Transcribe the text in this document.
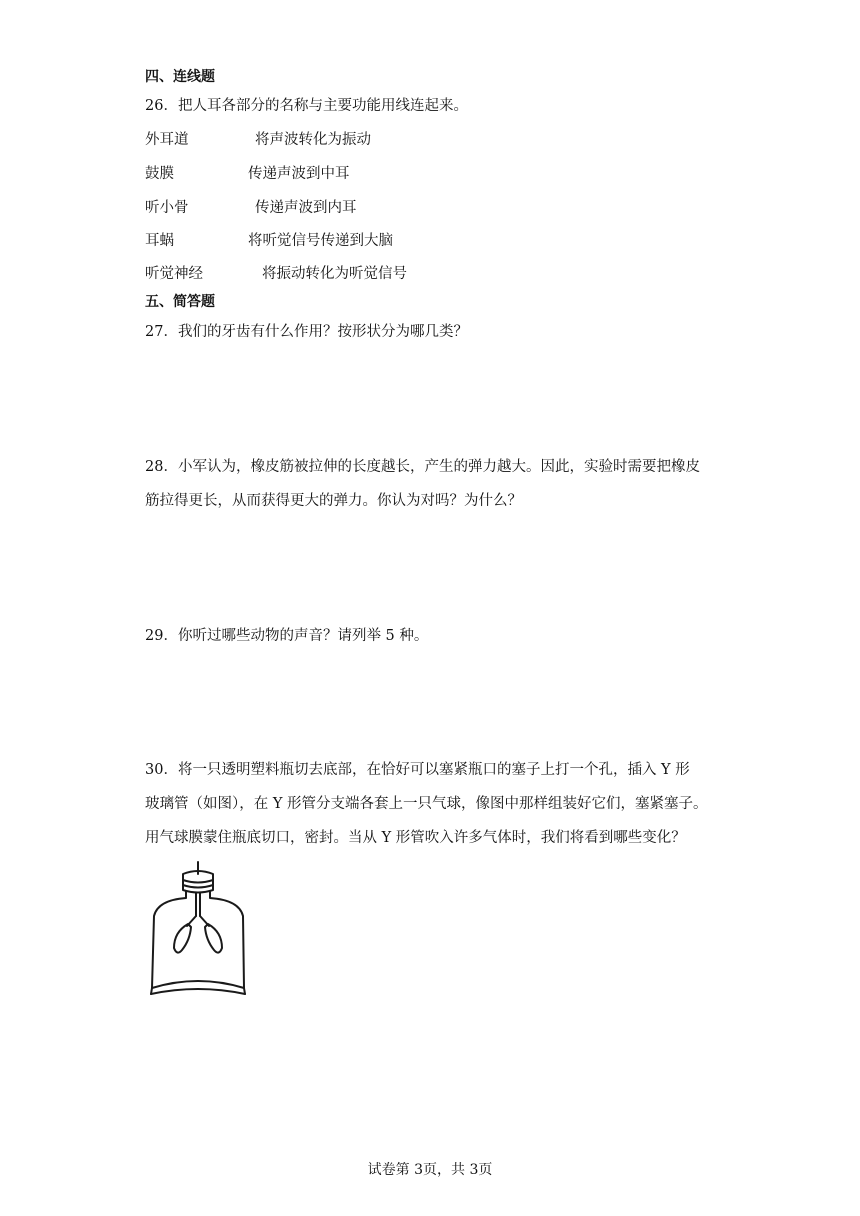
四、连线题
26．把人耳各部分的名称与主要功能用线连起来。
外耳道	将声波转化为振动
鼓膜	传递声波到中耳
听小骨	传递声波到内耳
耳蜗	将听觉信号传递到大脑
听觉神经	将振动转化为听觉信号
五、简答题
27．我们的牙齿有什么作用？按形状分为哪几类？
28．小军认为，橡皮筋被拉伸的长度越长，产生的弹力越大。因此，实验时需要把橡皮
筋拉得更长，从而获得更大的弹力。你认为对吗？为什么？
29．你听过哪些动物的声音？请列举 5 种。
30．将一只透明塑料瓶切去底部，在恰好可以塞紧瓶口的塞子上打一个孔，插入 Y 形
玻璃管（如图），在 Y 形管分支端各套上一只气球，像图中那样组装好它们，塞紧塞子。
用气球膜蒙住瓶底切口，密封。当从 Y 形管吹入许多气体时，我们将看到哪些变化？
试卷第 3页，共 3页
